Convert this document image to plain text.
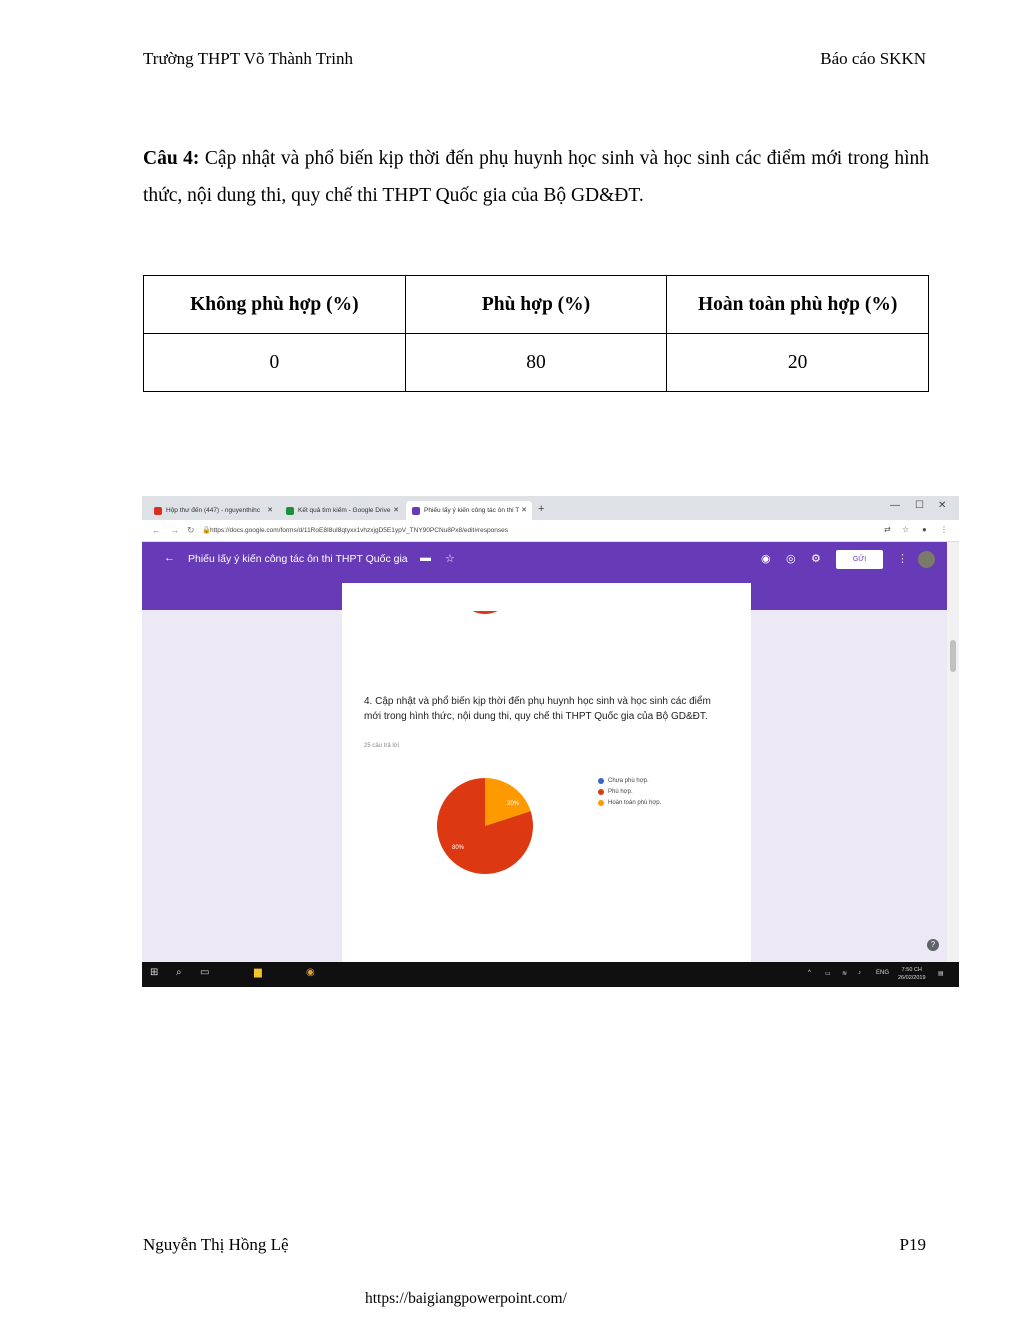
Trường THPT Võ Thành Trinh	Báo cáo SKKN
Câu 4: Cập nhật và phổ biến kịp thời đến phụ huynh học sinh và học sinh các điểm mới trong hình thức, nội dung thi, quy chế thi THPT Quốc gia của Bộ GD&ĐT.
Không phù hợp (%)	Phù hợp (%)	Hoàn toàn phù hợp (%)
0	80	20
Hộp thư đến (447) - nguyenthihc ✕	Kết quả tìm kiếm - Google Drive ✕	Phiếu lấy ý kiến công tác ôn thi T ✕ +	— ☐ ✕
← → ↻ 🔒 https://docs.google.com/forms/d/11RoE8I8uI8qtyxx1vhzxjgD5E1ypV_TNY90PCNu8Px8/edit#responses	⇄ ☆ ● ⋮
← Phiếu lấy ý kiến công tác ôn thi THPT Quốc gia ▬ ☆	◉ ◎ ⚙	GỬI	⋮
20%
80%
4. Cập nhật và phổ biến kịp thời đến phụ huynh học sinh và học sinh các điểm mới trong hình thức, nội dung thi, quy chế thi THPT Quốc gia của Bộ GD&ĐT.
25 câu trả lời
Chưa phù hợp.
Phù hợp.
Hoàn toàn phù hợp.
?
⊞ ⌕ ▭	▆	◉	^ ▭ ≋ ♪	ENG	7:50 CH
26/02/2019
▤
Nguyễn Thị Hồng Lệ	P19
https://baigiangpowerpoint.com/
